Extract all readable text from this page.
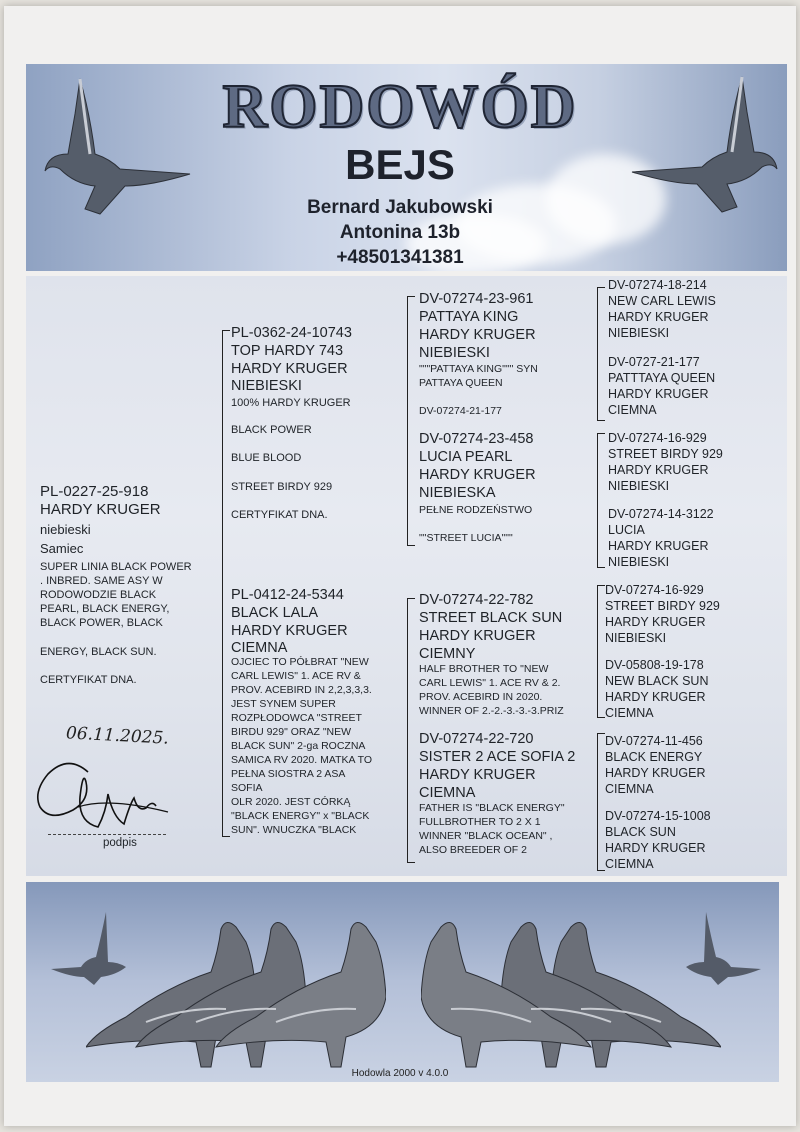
RODOWÓD
BEJS
Bernard Jakubowski
Antonina 13b
+48501341381
PL-0227-25-918
HARDY KRUGER
niebieski
Samiec
SUPER LINIA BLACK POWER
. INBRED. SAME ASY W
RODOWODZIE BLACK
PEARL, BLACK ENERGY,
BLACK POWER, BLACK
ENERGY, BLACK SUN.
CERTYFIKAT DNA.
06.11.2025.
podpis
PL-0362-24-10743
TOP HARDY 743
HARDY KRUGER
NIEBIESKI
100% HARDY KRUGER
BLACK POWER
BLUE BLOOD
STREET BIRDY 929
CERTYFIKAT DNA.
PL-0412-24-5344
BLACK LALA
HARDY KRUGER
CIEMNA
OJCIEC TO PÓŁBRAT "NEW
CARL LEWIS" 1. ACE RV &
PROV. ACEBIRD IN 2,2,3,3,3.
JEST SYNEM SUPER
ROZPŁODOWCA "STREET
BIRDU 929" ORAZ "NEW
BLACK SUN" 2-ga ROCZNA
SAMICA RV 2020. MATKA TO
PEŁNA SIOSTRA 2 ASA
SOFIA
OLR 2020. JEST CÓRKĄ
"BLACK ENERGY" x "BLACK
SUN". WNUCZKA "BLACK
DV-07274-23-961
PATTAYA KING
HARDY KRUGER
NIEBIESKI
"""PATTAYA KING""" SYN
PATTAYA QUEEN
DV-07274-21-177
DV-07274-23-458
LUCIA PEARL
HARDY KRUGER
NIEBIESKA
PEŁNE RODZEŃSTWO
""STREET LUCIA"""
DV-07274-22-782
STREET BLACK SUN
HARDY KRUGER
CIEMNY
HALF BROTHER TO "NEW
CARL LEWIS" 1. ACE RV & 2.
PROV. ACEBIRD IN 2020.
WINNER OF 2.-2.-3.-3.-3.PRIZ
DV-07274-22-720
SISTER 2 ACE SOFIA 2
HARDY KRUGER
CIEMNA
FATHER IS "BLACK ENERGY"
FULLBROTHER TO 2 X 1
WINNER "BLACK OCEAN" ,
ALSO BREEDER OF 2
DV-07274-18-214
NEW CARL LEWIS
HARDY KRUGER
NIEBIESKI
DV-0727-21-177
PATTTAYA QUEEN
HARDY KRUGER
CIEMNA
DV-07274-16-929
STREET BIRDY 929
HARDY KRUGER
NIEBIESKI
DV-07274-14-3122
LUCIA
HARDY KRUGER
NIEBIESKI
DV-07274-16-929
STREET BIRDY 929
HARDY KRUGER
NIEBIESKI
DV-05808-19-178
NEW BLACK SUN
HARDY KRUGER
CIEMNA
DV-07274-11-456
BLACK ENERGY
HARDY KRUGER
CIEMNA
DV-07274-15-1008
BLACK SUN
HARDY KRUGER
CIEMNA
Hodowla 2000 v 4.0.0
